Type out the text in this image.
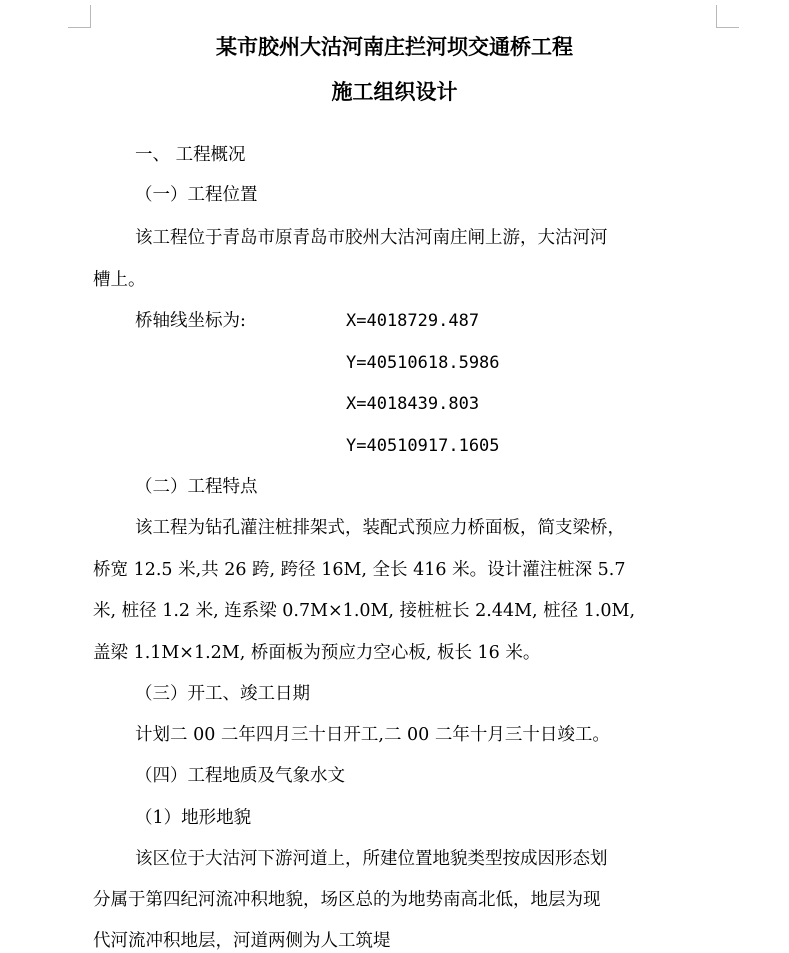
某市胶州大沽河南庄拦河坝交通桥工程
施工组织设计
一、 工程概况
（一）工程位置
该工程位于青岛市原青岛市胶州大沽河南庄闸上游，大沽河河
槽上。
桥轴线坐标为:	X=4018729.487
Y=40510618.5986
X=4018439.803
Y=40510917.1605
（二）工程特点
该工程为钻孔灌注桩排架式，装配式预应力桥面板，简支梁桥，
桥宽 12.5 米,共 26 跨, 跨径 16M, 全长 416 米。设计灌注桩深 5.7
米, 桩径 1.2 米, 连系梁 0.7M×1.0M, 接桩桩长 2.44M, 桩径 1.0M,
盖梁 1.1M×1.2M, 桥面板为预应力空心板, 板长 16 米。
（三）开工、竣工日期
计划二 00 二年四月三十日开工,二 00 二年十月三十日竣工。
（四）工程地质及气象水文
（1）地形地貌
该区位于大沽河下游河道上，所建位置地貌类型按成因形态划
分属于第四纪河流冲积地貌，场区总的为地势南高北低，地层为现
代河流冲积地层，河道两侧为人工筑堤
